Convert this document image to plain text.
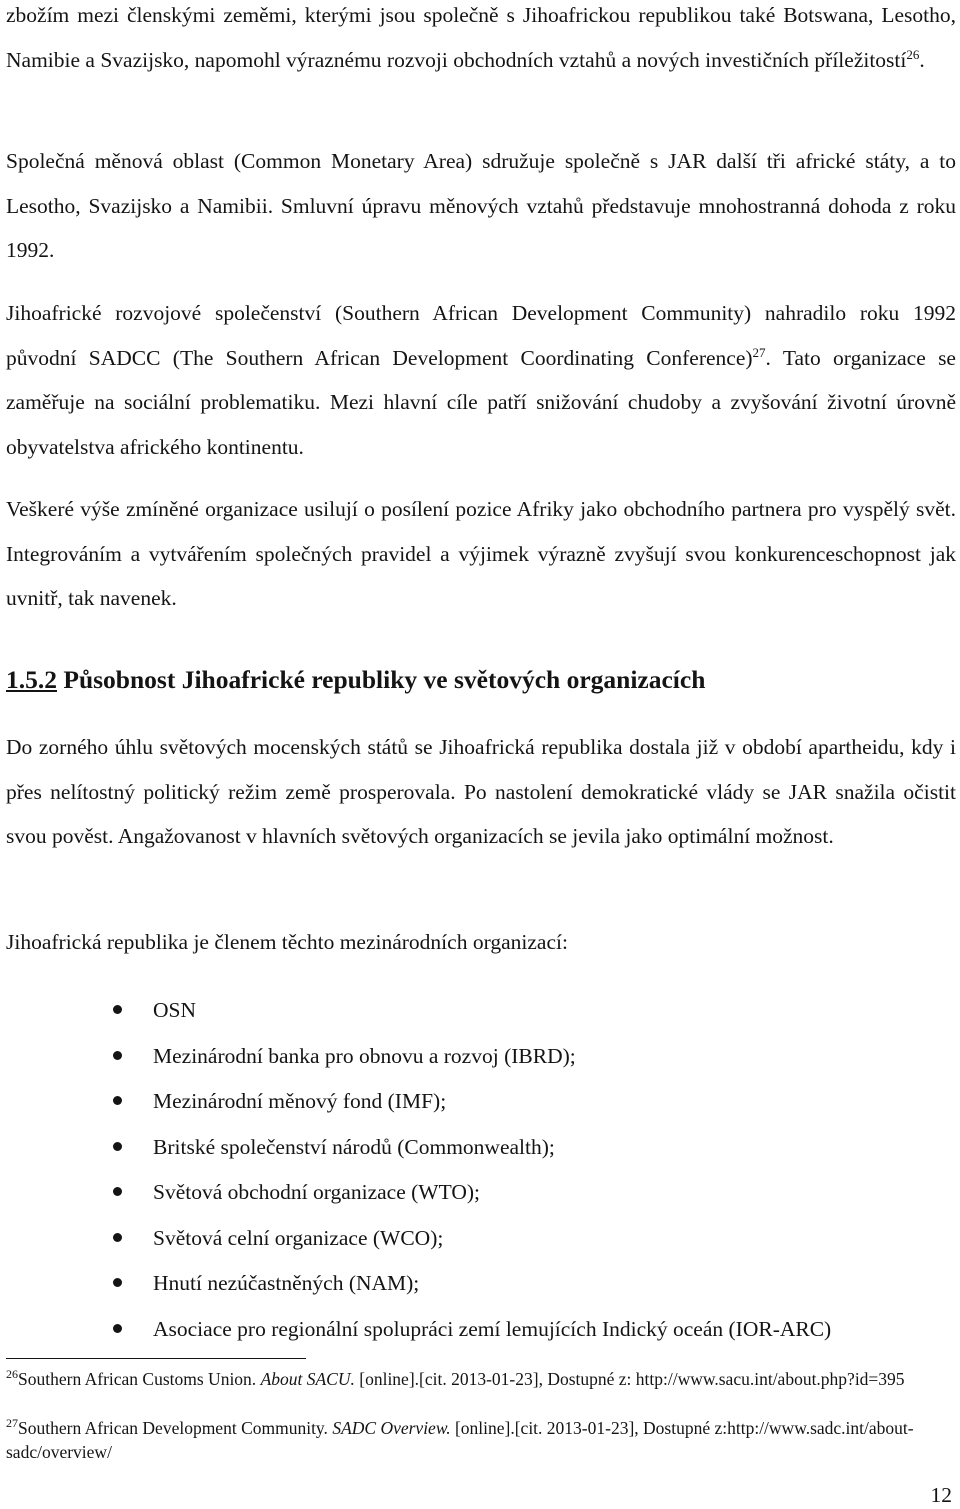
zbožím mezi členskými zeměmi, kterými jsou společně s Jihoafrickou republikou také Botswana, Lesotho, Namibie a Svazijsko, napomohl výraznému rozvoji obchodních vztahů a nových investičních příležitostí$^{26}$.

Společná měnová oblast (Common Monetary Area) sdružuje společně s JAR další tři africké státy, a to Lesotho, Svazijsko a Namibii. Smluvní úpravu měnových vztahů představuje mnohostranná dohoda z roku 1992.

Jihoafrické rozvojové společenství (Southern African Development Community) nahradilo roku 1992 původní SADCC (The Southern African Development Coordinating Conference)$^{27}$. Tato organizace se zaměřuje na sociální problematiku. Mezi hlavní cíle patří snižování chudoby a zvyšování životní úrovně obyvatelstva afrického kontinentu.

Veškeré výše zmíněné organizace usilují o posílení pozice Afriky jako obchodního partnera pro vyspělý svět. Integrováním a vytvářením společných pravidel a výjimek výrazně zvyšují svou konkurenceschopnost jak uvnitř, tak navenek.

1.5.2 Působnost Jihoafrické republiky ve světových organizacích

Do zorného úhlu světových mocenských států se Jihoafrická republika dostala již v období apartheidu, kdy i přes nelítostný politický režim země prosperovala. Po nastolení demokratické vlády se JAR snažila očistit svou pověst. Angažovanost v hlavních světových organizacích se jevila jako optimální možnost.

Jihoafrická republika je členem těchto mezinárodních organizací:

OSN
Mezinárodní banka pro obnovu a rozvoj (IBRD);
Mezinárodní měnový fond (IMF);
Britské společenství národů (Commonwealth);
Světová obchodní organizace (WTO);
Světová celní organizace (WCO);
Hnutí nezúčastněných (NAM);
Asociace pro regionální spolupráci zemí lemujících Indický oceán (IOR-ARC)

$^{26}$Southern African Customs Union. About SACU. [online].[cit. 2013-01-23], Dostupné z: http://www.sacu.int/about.php?id=395

$^{27}$Southern African Development Community. SADC Overview. [online].[cit. 2013-01-23], Dostupné z:http://www.sadc.int/about-sadc/overview/

12
